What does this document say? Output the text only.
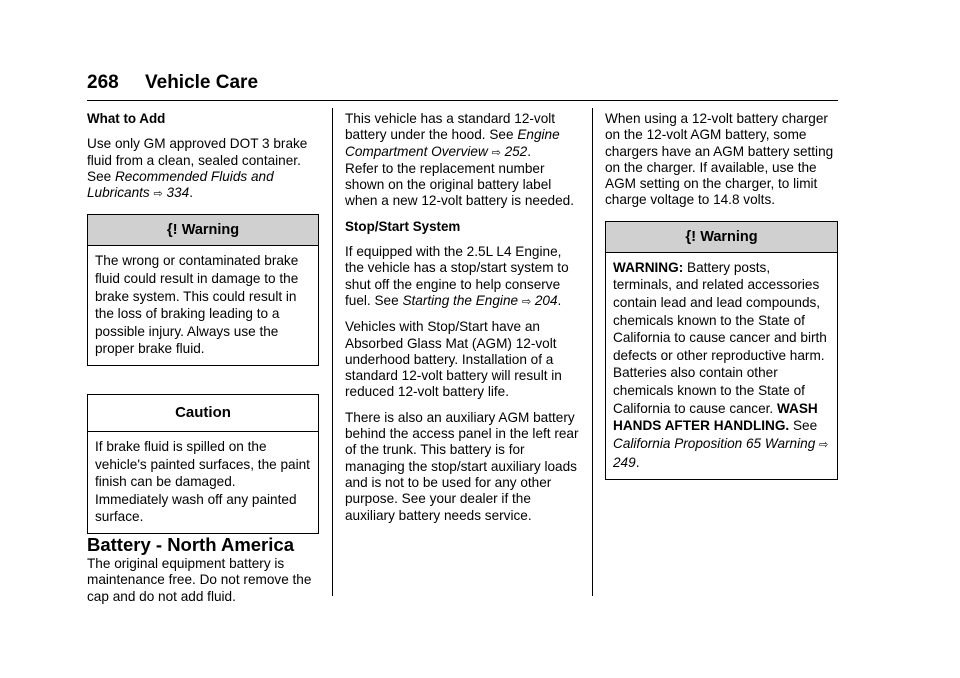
268 Vehicle Care

What to Add

Use only GM approved DOT 3 brake fluid from a clean, sealed container. See Recommended Fluids and Lubricants ⇨ 334.

{! Warning
The wrong or contaminated brake fluid could result in damage to the brake system. This could result in the loss of braking leading to a possible injury. Always use the proper brake fluid.
Caution
If brake fluid is spilled on the vehicle's painted surfaces, the paint finish can be damaged. Immediately wash off any painted surface.

Battery - North America

The original equipment battery is maintenance free. Do not remove the cap and do not add fluid.

This vehicle has a standard 12-volt battery under the hood. See Engine Compartment Overview ⇨ 252.
Refer to the replacement number shown on the original battery label when a new 12-volt battery is needed.

Stop/Start System

If equipped with the 2.5L L4 Engine, the vehicle has a stop/start system to shut off the engine to help conserve fuel. See Starting the Engine ⇨ 204.

Vehicles with Stop/Start have an Absorbed Glass Mat (AGM) 12-volt underhood battery. Installation of a standard 12-volt battery will result in reduced 12-volt battery life.

There is also an auxiliary AGM battery behind the access panel in the left rear of the trunk. This battery is for managing the stop/start auxiliary loads and is not to be used for any other purpose. See your dealer if the auxiliary battery needs service.

When using a 12-volt battery charger on the 12-volt AGM battery, some chargers have an AGM battery setting on the charger. If available, use the AGM setting on the charger, to limit charge voltage to 14.8 volts.

{! Warning
WARNING: Battery posts, terminals, and related accessories contain lead and lead compounds, chemicals known to the State of California to cause cancer and birth defects or other reproductive harm. Batteries also contain other chemicals known to the State of California to cause cancer. WASH HANDS AFTER HANDLING. See California Proposition 65 Warning ⇨ 249.
